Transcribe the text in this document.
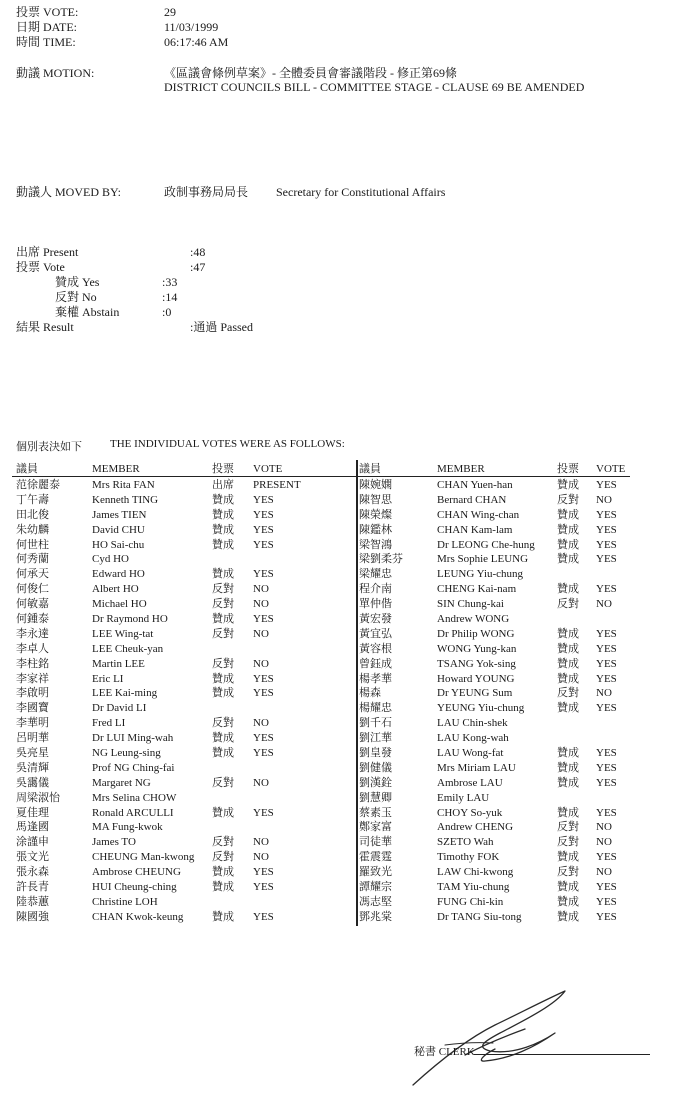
投票 VOTE:	29
日期 DATE:	11/03/1999
時間 TIME:	06:17:46 AM
動議 MOTION:	《區議會條例草案》- 全體委員會審議階段 - 修正第69條
DISTRICT COUNCILS BILL - COMMITTEE STAGE - CLAUSE 69 BE AMENDED
動議人 MOVED BY:	政制事務局局長 Secretary for Constitutional Affairs
出席 Present	:48
投票 Vote	:47
贊成 Yes	:33
反對 No	:14
棄權 Abstain	:0
結果 Result	:通過 Passed
個別表決如下	THE INDIVIDUAL VOTES WERE AS FOLLOWS:
議員	MEMBER	投票 VOTE
范徐麗泰	Mrs Rita FAN	出席 PRESENT
丁午壽	Kenneth TING	贊成 YES
田北俊	James TIEN	贊成 YES
朱幼麟	David CHU	贊成 YES
何世柱	HO Sai-chu	贊成 YES
何秀蘭	Cyd HO
何承天	Edward HO	贊成 YES
何俊仁	Albert HO	反對 NO
何敏嘉	Michael HO	反對 NO
何鍾泰	Dr Raymond HO	贊成 YES
李永達	LEE Wing-tat	反對 NO
李卓人	LEE Cheuk-yan
李柱銘	Martin LEE	反對 NO
李家祥	Eric LI	贊成 YES
李啟明	LEE Kai-ming	贊成 YES
李國寶	Dr David LI
李華明	Fred LI	反對 NO
呂明華	Dr LUI Ming-wah	贊成 YES
吳亮星	NG Leung-sing	贊成 YES
吳清輝	Prof NG Ching-fai
吳靄儀	Margaret NG	反對 NO
周梁淑怡	Mrs Selina CHOW
夏佳理	Ronald ARCULLI	贊成 YES
馬逢國	MA Fung-kwok
涂謹申	James TO	反對 NO
張文光	CHEUNG Man-kwong 反對 NO
張永森	Ambrose CHEUNG	贊成 YES
許長青	HUI Cheung-ching	贊成 YES
陸恭蕙	Christine LOH
陳國強	CHAN Kwok-keung	贊成 YES
議員	MEMBER	投票 VOTE
陳婉嫻	CHAN Yuen-han	贊成 YES
陳智思	Bernard CHAN	反對 NO
陳榮燦	CHAN Wing-chan	贊成 YES
陳鑑林	CHAN Kam-lam	贊成 YES
梁智鴻	Dr LEONG Che-hung 贊成 YES
梁劉柔芬	Mrs Sophie LEUNG	贊成 YES
梁耀忠	LEUNG Yiu-chung
程介南	CHENG Kai-nam	贊成 YES
單仲偕	SIN Chung-kai	反對 NO
黃宏發	Andrew WONG
黃宜弘	Dr Philip WONG	贊成 YES
黃容根	WONG Yung-kan	贊成 YES
曾鈺成	TSANG Yok-sing	贊成 YES
楊孝華	Howard YOUNG	贊成 YES
楊森	Dr YEUNG Sum	反對 NO
楊耀忠	YEUNG Yiu-chung	贊成 YES
劉千石	LAU Chin-shek
劉江華	LAU Kong-wah
劉皇發	LAU Wong-fat	贊成 YES
劉健儀	Mrs Miriam LAU	贊成 YES
劉漢銓	Ambrose LAU	贊成 YES
劉慧卿	Emily LAU
蔡素玉	CHOY So-yuk	贊成 YES
鄭家富	Andrew CHENG	反對 NO
司徒華	SZETO Wah	反對 NO
霍震霆	Timothy FOK	贊成 YES
羅致光	LAW Chi-kwong	反對 NO
譚耀宗	TAM Yiu-chung	贊成 YES
馮志堅	FUNG Chi-kin	贊成 YES
鄧兆棠	Dr TANG Siu-tong	贊成 YES
秘書 CLERK
